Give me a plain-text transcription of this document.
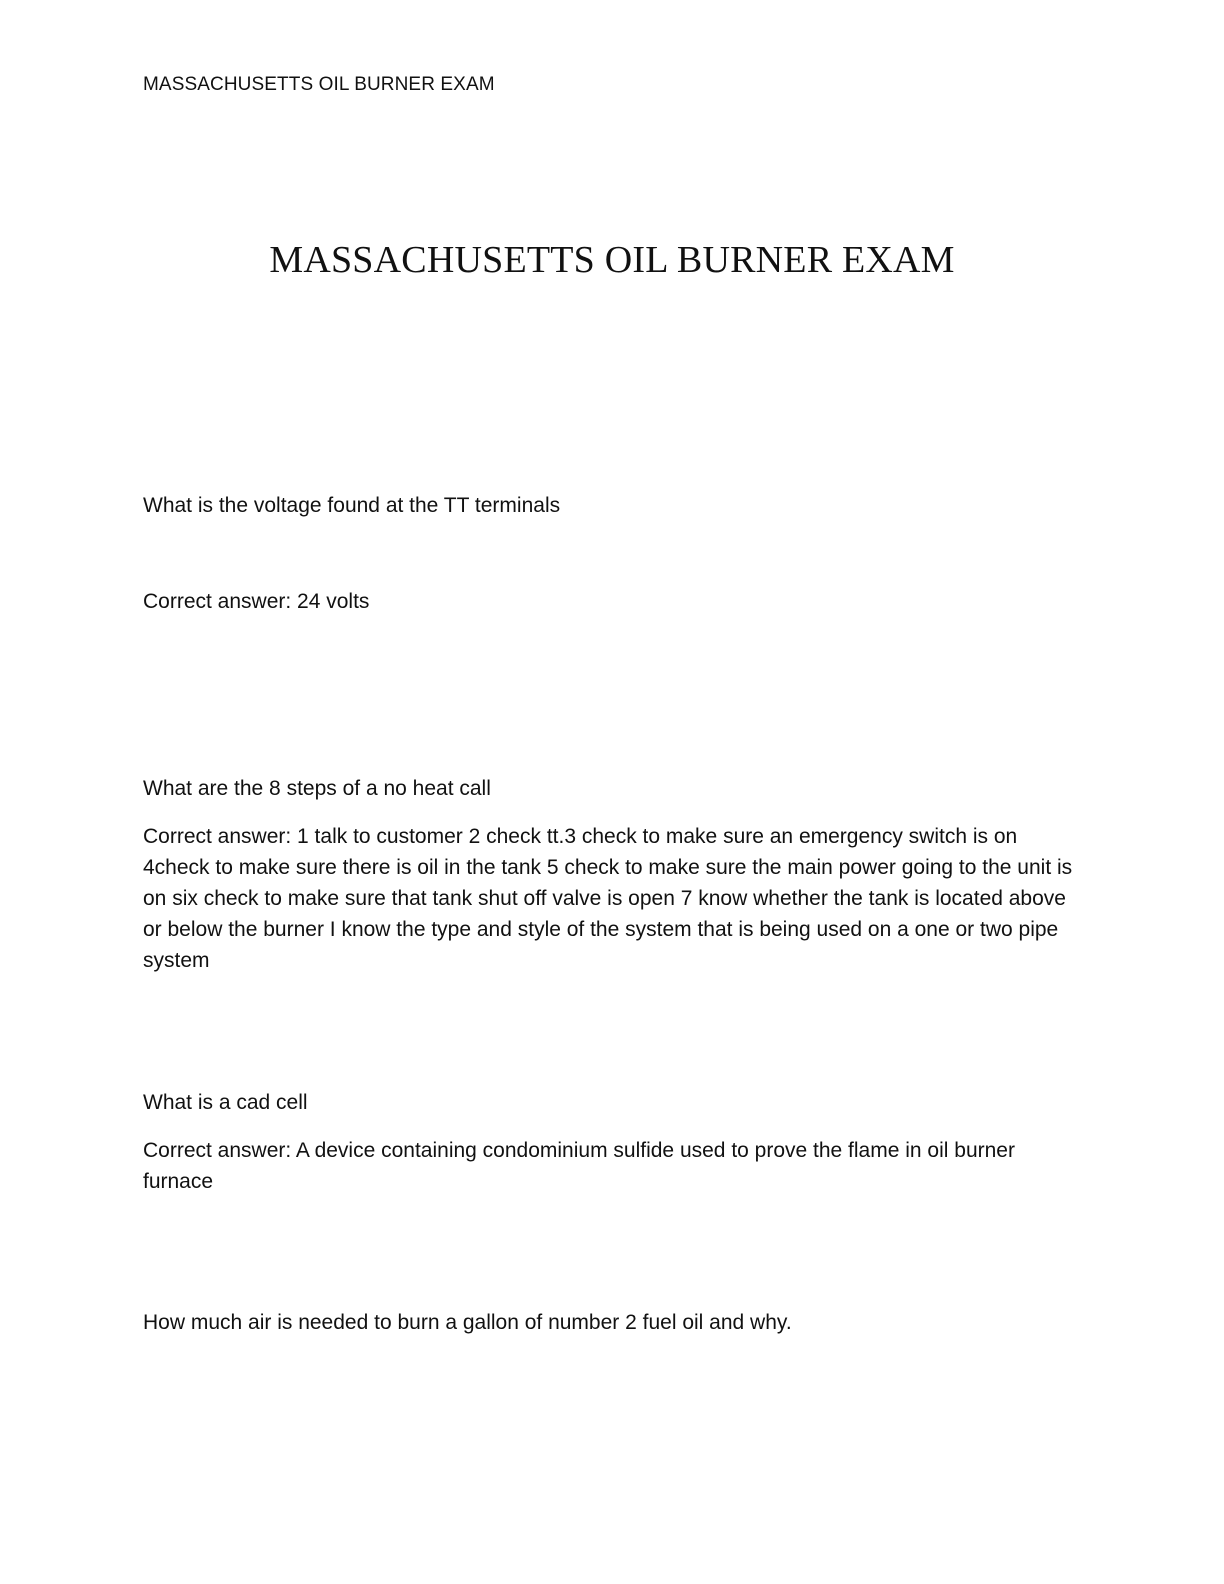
MASSACHUSETTS OIL BURNER EXAM
MASSACHUSETTS OIL BURNER EXAM

What is the voltage found at the TT terminals

Correct answer: 24 volts

What are the 8 steps of a no heat call

Correct answer: 1 talk to customer 2 check tt.3 check to make sure an emergency switch is on 4check to make sure there is oil in the tank 5 check to make sure the main power going to the unit is on six check to make sure that tank shut off valve is open 7 know whether the tank is located above or below the burner I know the type and style of the system that is being used on a one or two pipe system

What is a cad cell

Correct answer: A device containing condominium sulfide used to prove the flame in oil burner furnace

How much air is needed to burn a gallon of number 2 fuel oil and why.
